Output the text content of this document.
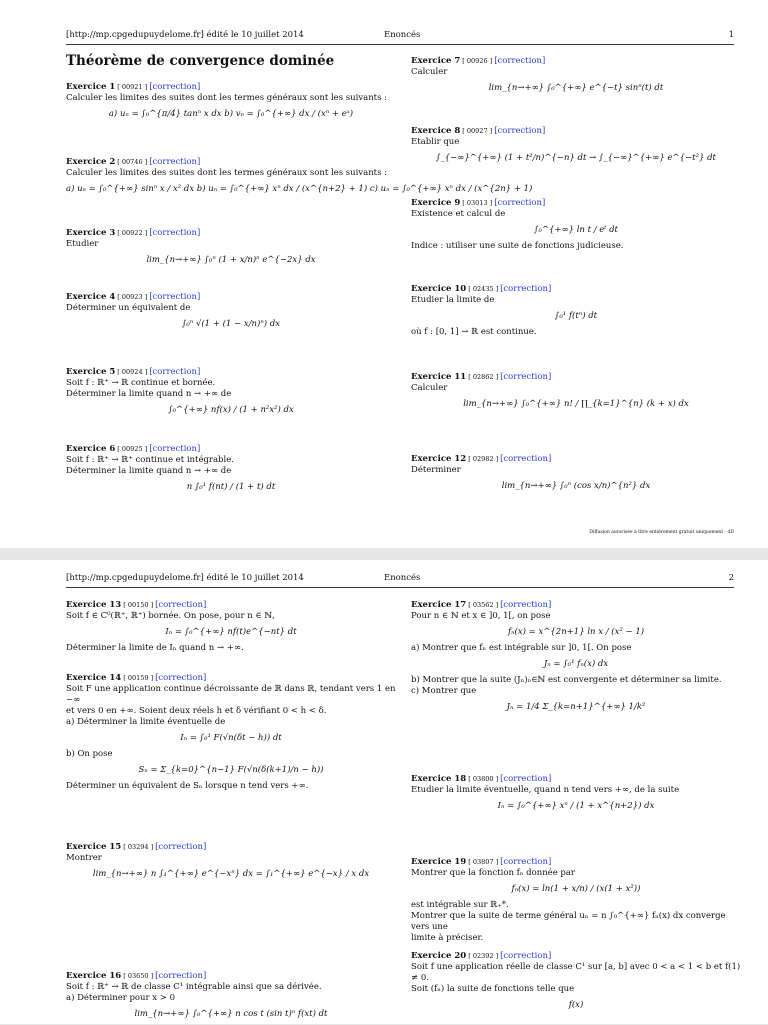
[http://mp.cpgedupuydelome.fr] édité le 10 juillet 2014	Enoncés	1
Théorème de convergence dominée
Exercice 1 [ 00921 ] [correction]
Calculer les limites des suites dont les termes généraux sont les suivants :
a) uₙ = ∫₀^{π/4} tanⁿ x dx b) vₙ = ∫₀^{+∞} dx / (xⁿ + eˣ)
Exercice 2 [ 00746 ] [correction]
Calculer les limites des suites dont les termes généraux sont les suivants :
a) uₙ = ∫₀^{+∞} sinⁿ x / x² dx b) uₙ = ∫₀^{+∞} xⁿ dx / (x^{n+2} + 1) c) uₙ = ∫₀^{+∞} xⁿ dx / (x^{2n} + 1)
Exercice 3 [ 00922 ] [correction]
Etudier
lim_{n→+∞} ∫₀ⁿ (1 + x/n)ⁿ e^{−2x} dx
Exercice 4 [ 00923 ] [correction]
Déterminer un équivalent de
∫₀ⁿ √(1 + (1 − x/n)ⁿ) dx
Exercice 5 [ 00924 ] [correction]
Soit f : ℝ⁺ → ℝ continue et bornée.
Déterminer la limite quand n → +∞ de
∫₀^{+∞} nf(x) / (1 + n²x²) dx
Exercice 6 [ 00925 ] [correction]
Soit f : ℝ⁺ → ℝ⁺ continue et intégrable.
Déterminer la limite quand n → +∞ de
n ∫₀¹ f(nt) / (1 + t) dt
Exercice 7 [ 00926 ] [correction]
Calculer
lim_{n→+∞} ∫₀^{+∞} e^{−t} sinⁿ(t) dt
Exercice 8 [ 00927 ] [correction]
Etablir que
∫_{−∞}^{+∞} (1 + t²/n)^{−n} dt → ∫_{−∞}^{+∞} e^{−t²} dt
Exercice 9 [ 03013 ] [correction]
Existence et calcul de
∫₀^{+∞} ln t / eᵗ dt
Indice : utiliser une suite de fonctions judicieuse.
Exercice 10 [ 02435 ] [correction]
Etudier la limite de
∫₀¹ f(tⁿ) dt
où f : [0, 1] → ℝ est continue.
Exercice 11 [ 02862 ] [correction]
Calculer
lim_{n→+∞} ∫₀^{+∞} n! / ∏_{k=1}^{n} (k + x) dx
Exercice 12 [ 02982 ] [correction]
Déterminer
lim_{n→+∞} ∫₀ⁿ (cos x/n)^{n²} dx
Diffusion autorisée à titre entièrement gratuit uniquement - dD
[http://mp.cpgedupuydelome.fr] édité le 10 juillet 2014	Enoncés	2
Exercice 13 [ 00150 ] [correction]
Soit f ∈ C⁰(ℝ⁺, ℝ⁺) bornée. On pose, pour n ∈ ℕ,
Iₙ = ∫₀^{+∞} nf(t)e^{−nt} dt
Déterminer la limite de Iₙ quand n → +∞.
Exercice 14 [ 00159 ] [correction]
Soit F une application continue décroissante de ℝ dans ℝ, tendant vers 1 en −∞
et vers 0 en +∞. Soient deux réels h et δ vérifiant 0 < h < δ.
a) Déterminer la limite éventuelle de
Iₙ = ∫₀¹ F(√n(δt − h)) dt
b) On pose
Sₙ = Σ_{k=0}^{n−1} F(√n(δ(k+1)/n − h))
Déterminer un équivalent de Sₙ lorsque n tend vers +∞.
Exercice 15 [ 03294 ] [correction]
Montrer
lim_{n→+∞} n ∫₁^{+∞} e^{−xⁿ} dx = ∫₁^{+∞} e^{−x} / x dx
Exercice 16 [ 03650 ] [correction]
Soit f : ℝ⁺ → ℝ de classe C¹ intégrable ainsi que sa dérivée.
a) Déterminer pour x > 0
lim_{n→+∞} ∫₀^{+∞} n cos t (sin t)ⁿ f(xt) dt
Exercice 17 [ 03562 ] [correction]
Pour n ∈ ℕ et x ∈ ]0, 1[, on pose
fₙ(x) = x^{2n+1} ln x / (x² − 1)
a) Montrer que fₙ est intégrable sur ]0, 1[. On pose
Jₙ = ∫₀¹ fₙ(x) dx
b) Montrer que la suite (Jₙ)ₙ∈ℕ est convergente et déterminer sa limite.
c) Montrer que
Jₙ = 1/4 Σ_{k=n+1}^{+∞} 1/k²
Exercice 18 [ 03800 ] [correction]
Etudier la limite éventuelle, quand n tend vers +∞, de la suite
Iₙ = ∫₀^{+∞} xⁿ / (1 + x^{n+2}) dx
Exercice 19 [ 03807 ] [correction]
Montrer que la fonction fₙ donnée par
fₙ(x) = ln(1 + x/n) / (x(1 + x²))
est intégrable sur ℝ₊*.
Montrer que la suite de terme général uₙ = n ∫₀^{+∞} fₙ(x) dx converge vers une
limite à préciser.
Exercice 20 [ 02392 ] [correction]
Soit f une application réelle de classe C¹ sur [a, b] avec 0 < a < 1 < b et f(1) ≠ 0.
Soit (fₙ) la suite de fonctions telle que
f(x)
